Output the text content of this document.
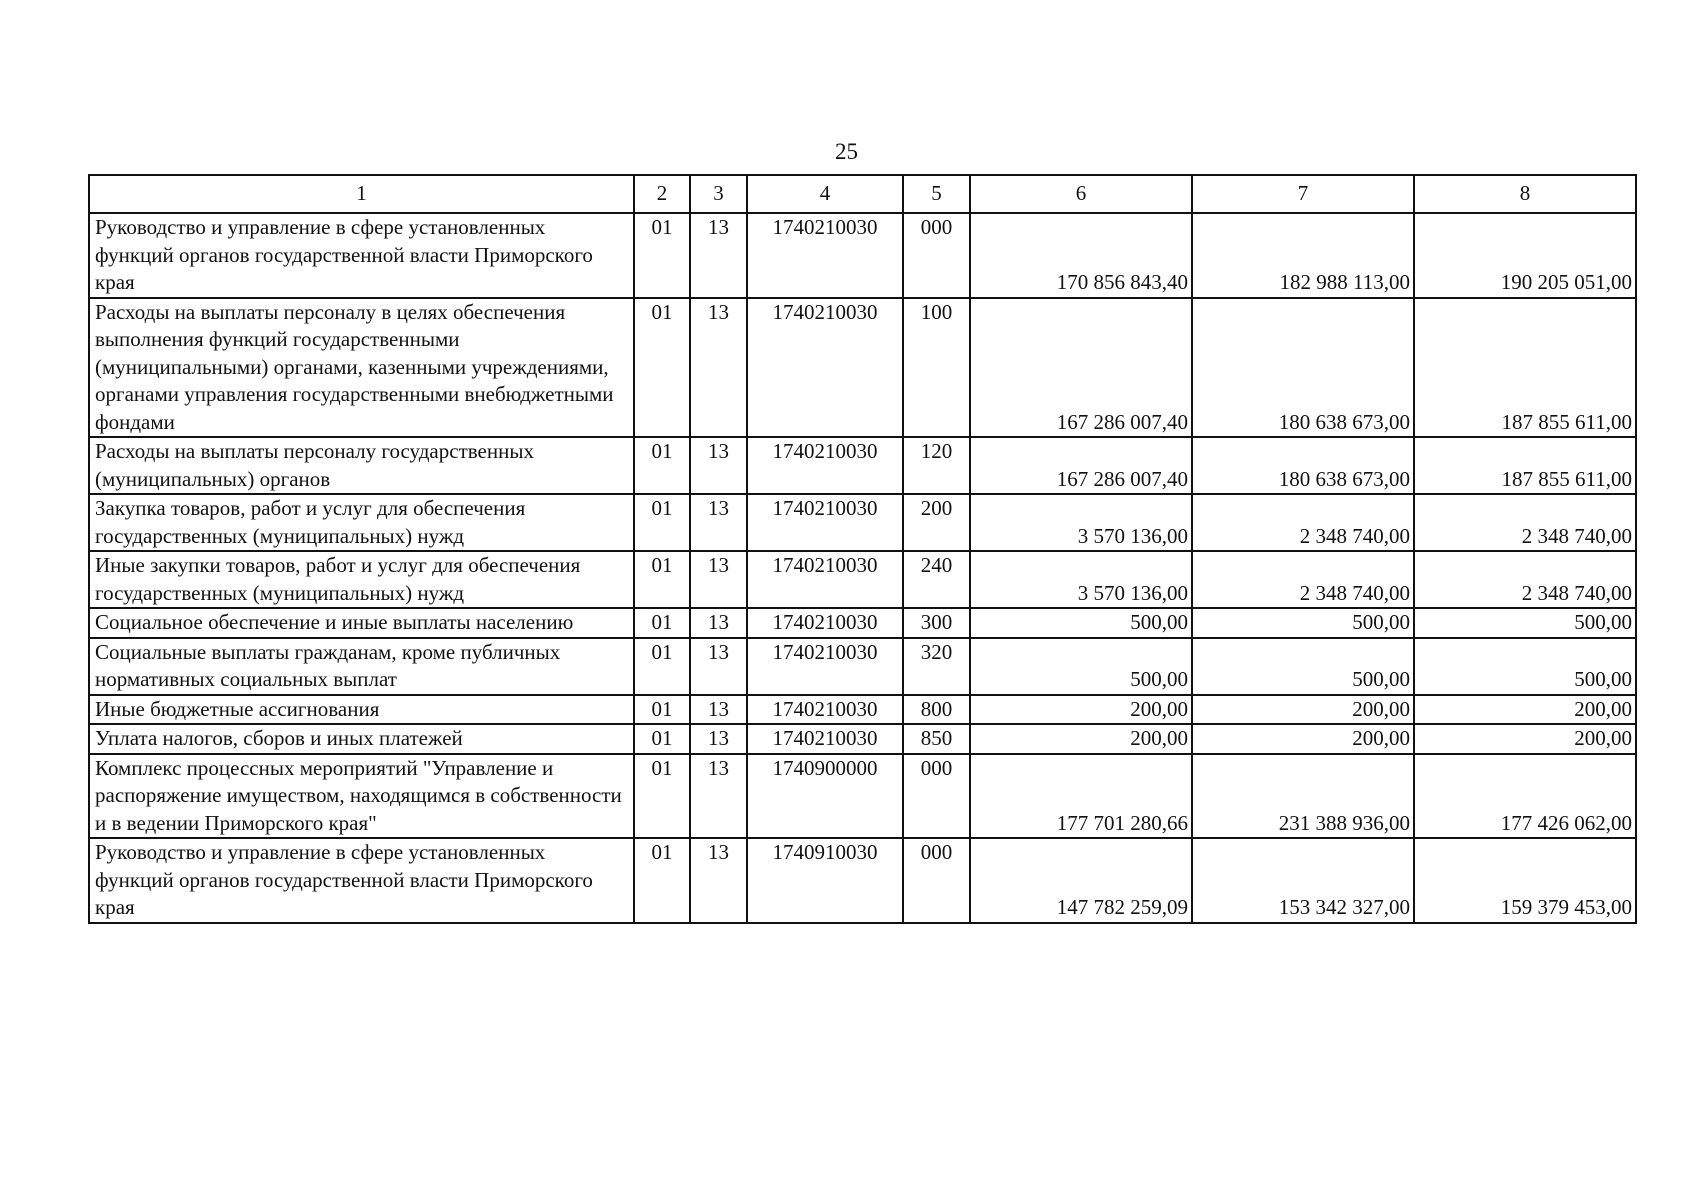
25
1	2	3	4	5	6	7	8
Руководство и управление в сфере установленных функций органов государственной власти Приморского края	01	13	1740210030	000	170 856 843,40	182 988 113,00	190 205 051,00
Расходы на выплаты персоналу в целях обеспечения выполнения функций государственными (муниципальными) органами, казенными учреждениями, органами управления государственными внебюджетными фондами	01	13	1740210030	100	167 286 007,40	180 638 673,00	187 855 611,00
Расходы на выплаты персоналу государственных (муниципальных) органов	01	13	1740210030	120	167 286 007,40	180 638 673,00	187 855 611,00
Закупка товаров, работ и услуг для обеспечения государственных (муниципальных) нужд	01	13	1740210030	200	3 570 136,00	2 348 740,00	2 348 740,00
Иные закупки товаров, работ и услуг для обеспечения государственных (муниципальных) нужд	01	13	1740210030	240	3 570 136,00	2 348 740,00	2 348 740,00
Социальное обеспечение и иные выплаты населению	01	13	1740210030	300	500,00	500,00	500,00
Социальные выплаты гражданам, кроме публичных нормативных социальных выплат	01	13	1740210030	320	500,00	500,00	500,00
Иные бюджетные ассигнования	01	13	1740210030	800	200,00	200,00	200,00
Уплата налогов, сборов и иных платежей	01	13	1740210030	850	200,00	200,00	200,00
Комплекс процессных мероприятий "Управление и распоряжение имуществом, находящимся в собственности и в ведении Приморского края"	01	13	1740900000	000	177 701 280,66	231 388 936,00	177 426 062,00
Руководство и управление в сфере установленных функций органов государственной власти Приморского края	01	13	1740910030	000	147 782 259,09	153 342 327,00	159 379 453,00
